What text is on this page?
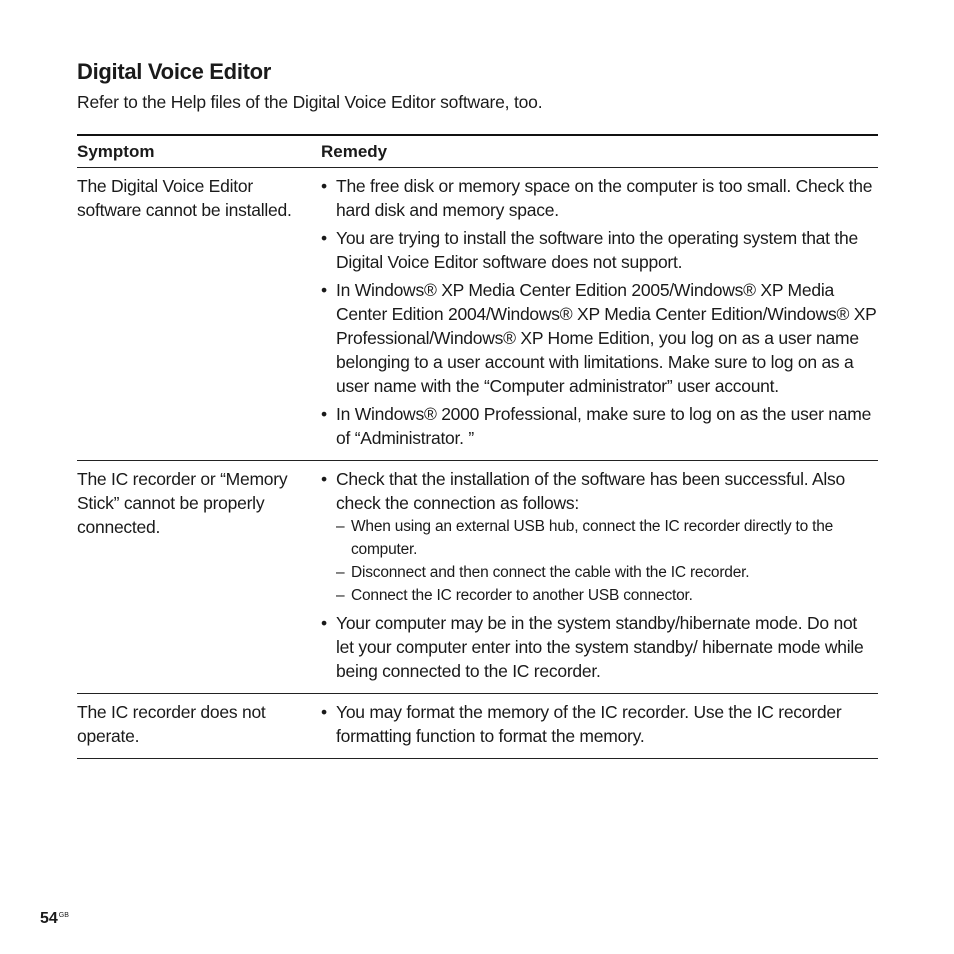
Digital Voice Editor

Refer to the Help files of the Digital Voice Editor software, too.

Symptom	Remedy
The Digital Voice Editor software cannot be installed.
• The free disk or memory space on the computer is too small. Check the hard disk and memory space.
• You are trying to install the software into the operating system that the Digital Voice Editor software does not support.
• In Windows® XP Media Center Edition 2005/Windows® XP Media Center Edition 2004/Windows® XP Media Center Edition/Windows® XP Professional/Windows® XP Home Edition, you log on as a user name belonging to a user account with limitations. Make sure to log on as a user name with the “Computer administrator” user account.
• In Windows® 2000 Professional, make sure to log on as the user name of “Administrator. ”
The IC recorder or “Memory Stick” cannot be properly connected.
• Check that the installation of the software has been successful. Also check the connection as follows:
– When using an external USB hub, connect the IC recorder directly to the computer.
– Disconnect and then connect the cable with the IC recorder.
– Connect the IC recorder to another USB connector.
• Your computer may be in the system standby/hibernate mode. Do not let your computer enter into the system standby/ hibernate mode while being connected to the IC recorder.
The IC recorder does not operate.
• You may format the memory of the IC recorder. Use the IC recorder formatting function to format the memory.
$54^{GB}$
